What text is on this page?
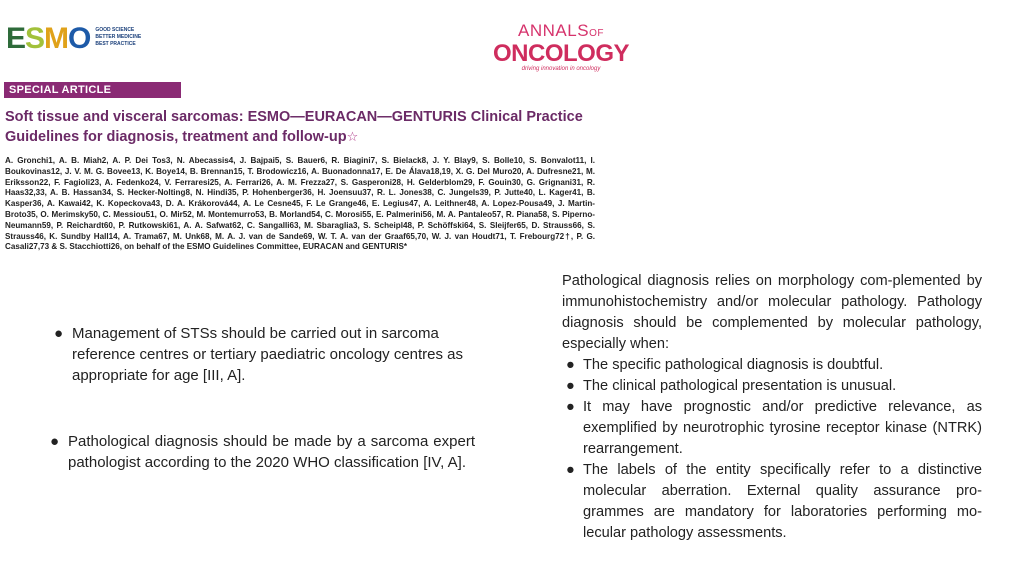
E S M O GOOD SCIENCE
BETTER MEDICINE
BEST PRACTICE
ANNALSOF
ONCOLOGY
driving innovation in oncology
SPECIAL ARTICLE
Soft tissue and visceral sarcomas: ESMO—EURACAN—GENTURIS Clinical Practice Guidelines for diagnosis, treatment and follow-up☆
A. Gronchi1, A. B. Miah2, A. P. Dei Tos3, N. Abecassis4, J. Bajpai5, S. Bauer6, R. Biagini7, S. Bielack8, J. Y. Blay9, S. Bolle10, S. Bonvalot11, I. Boukovinas12, J. V. M. G. Bovee13, K. Boye14, B. Brennan15, T. Brodowicz16, A. Buonadonna17, E. De Álava18,19, X. G. Del Muro20, A. Dufresne21, M. Eriksson22, F. Fagioli23, A. Fedenko24, V. Ferraresi25, A. Ferrari26, A. M. Frezza27, S. Gasperoni28, H. Gelderblom29, F. Gouin30, G. Grignani31, R. Haas32,33, A. B. Hassan34, S. Hecker-Nolting8, N. Hindi35, P. Hohenberger36, H. Joensuu37, R. L. Jones38, C. Jungels39, P. Jutte40, L. Kager41, B. Kasper36, A. Kawai42, K. Kopeckova43, D. A. Krákorová44, A. Le Cesne45, F. Le Grange46, E. Legius47, A. Leithner48, A. Lopez-Pousa49, J. Martin-Broto35, O. Merimsky50, C. Messiou51, O. Mir52, M. Montemurro53, B. Morland54, C. Morosi55, E. Palmerini56, M. A. Pantaleo57, R. Piana58, S. Piperno-Neumann59, P. Reichardt60, P. Rutkowski61, A. A. Safwat62, C. Sangalli63, M. Sbaraglia3, S. Scheipl48, P. Schöffski64, S. Sleijfer65, D. Strauss66, S. Strauss46, K. Sundby Hall14, A. Trama67, M. Unk68, M. A. J. van de Sande69, W. T. A. van der Graaf65,70, W. J. van Houdt71, T. Frebourg72†, P. G. Casali27,73 & S. Stacchiotti26, on behalf of the ESMO Guidelines Committee, EURACAN and GENTURIS*
● Management of STSs should be carried out in sarcoma reference centres or tertiary paediatric oncology centres as appropriate for age [III, A].
● Pathological diagnosis should be made by a sarcoma expert pathologist according to the 2020 WHO classification [IV, A].
Pathological diagnosis relies on morphology com-plemented by immunohistochemistry and/or molecular pathology. Pathology diagnosis should be complemented by molecular pathology, especially when:
● The specific pathological diagnosis is doubtful.
● The clinical pathological presentation is unusual.
● It may have prognostic and/or predictive relevance, as exemplified by neurotrophic tyrosine receptor kinase (NTRK) rearrangement.
● The labels of the entity specifically refer to a distinctive molecular aberration. External quality assurance pro-grammes are mandatory for laboratories performing mo-lecular pathology assessments.
